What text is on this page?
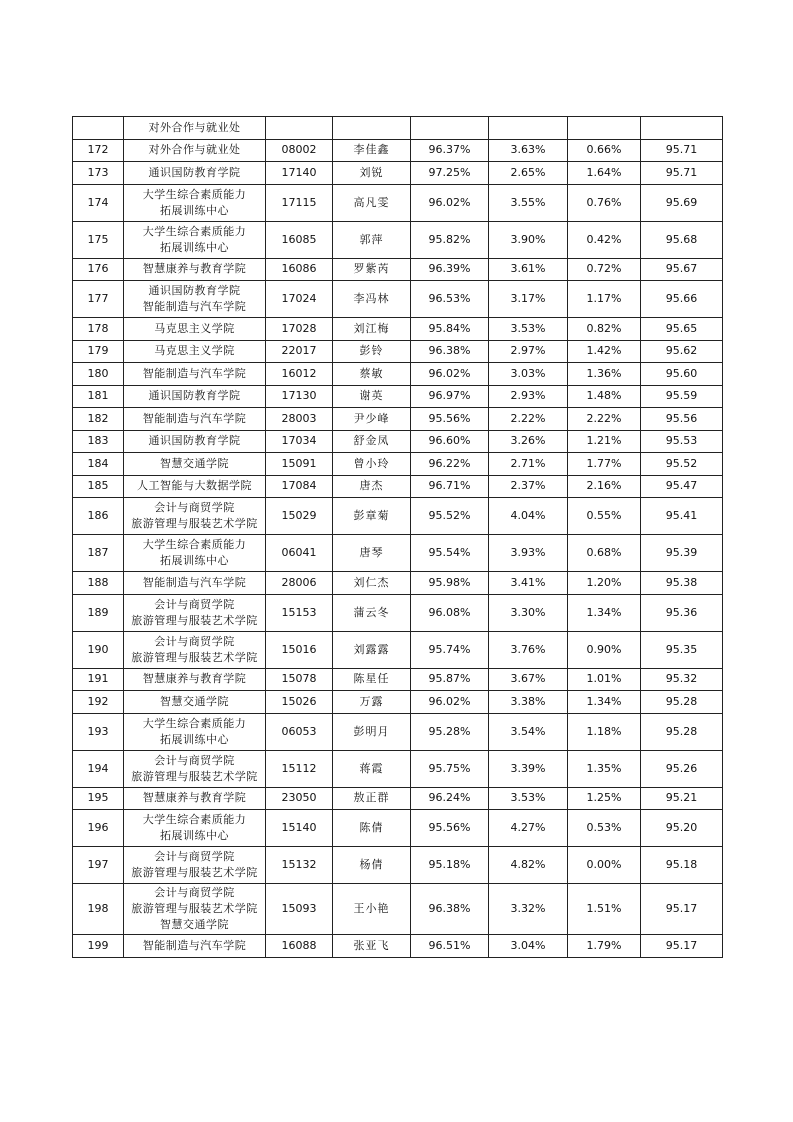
	对外合作与就业处						
172	对外合作与就业处	08002	李佳鑫	96.37%	3.63%	0.66%	95.71
173	通识国防教育学院	17140	刘锐	97.25%	2.65%	1.64%	95.71
174	大学生综合素质能力
拓展训练中心	17115	高凡雯	96.02%	3.55%	0.76%	95.69
175	大学生综合素质能力
拓展训练中心	16085	郭萍	95.82%	3.90%	0.42%	95.68
176	智慧康养与教育学院	16086	罗紫芮	96.39%	3.61%	0.72%	95.67
177	通识国防教育学院
智能制造与汽车学院	17024	李冯林	96.53%	3.17%	1.17%	95.66
178	马克思主义学院	17028	刘江梅	95.84%	3.53%	0.82%	95.65
179	马克思主义学院	22017	彭铃	96.38%	2.97%	1.42%	95.62
180	智能制造与汽车学院	16012	蔡敏	96.02%	3.03%	1.36%	95.60
181	通识国防教育学院	17130	谢英	96.97%	2.93%	1.48%	95.59
182	智能制造与汽车学院	28003	尹少峰	95.56%	2.22%	2.22%	95.56
183	通识国防教育学院	17034	舒金凤	96.60%	3.26%	1.21%	95.53
184	智慧交通学院	15091	曾小玲	96.22%	2.71%	1.77%	95.52
185	人工智能与大数据学院	17084	唐杰	96.71%	2.37%	2.16%	95.47
186	会计与商贸学院
旅游管理与服装艺术学院	15029	彭章菊	95.52%	4.04%	0.55%	95.41
187	大学生综合素质能力
拓展训练中心	06041	唐琴	95.54%	3.93%	0.68%	95.39
188	智能制造与汽车学院	28006	刘仁杰	95.98%	3.41%	1.20%	95.38
189	会计与商贸学院
旅游管理与服装艺术学院	15153	蒲云冬	96.08%	3.30%	1.34%	95.36
190	会计与商贸学院
旅游管理与服装艺术学院	15016	刘露露	95.74%	3.76%	0.90%	95.35
191	智慧康养与教育学院	15078	陈星任	95.87%	3.67%	1.01%	95.32
192	智慧交通学院	15026	万露	96.02%	3.38%	1.34%	95.28
193	大学生综合素质能力
拓展训练中心	06053	彭明月	95.28%	3.54%	1.18%	95.28
194	会计与商贸学院
旅游管理与服装艺术学院	15112	蒋霞	95.75%	3.39%	1.35%	95.26
195	智慧康养与教育学院	23050	敖正群	96.24%	3.53%	1.25%	95.21
196	大学生综合素质能力
拓展训练中心	15140	陈倩	95.56%	4.27%	0.53%	95.20
197	会计与商贸学院
旅游管理与服装艺术学院	15132	杨倩	95.18%	4.82%	0.00%	95.18
198	会计与商贸学院
旅游管理与服装艺术学院
智慧交通学院	15093	王小艳	96.38%	3.32%	1.51%	95.17
199	智能制造与汽车学院	16088	张亚飞	96.51%	3.04%	1.79%	95.17
